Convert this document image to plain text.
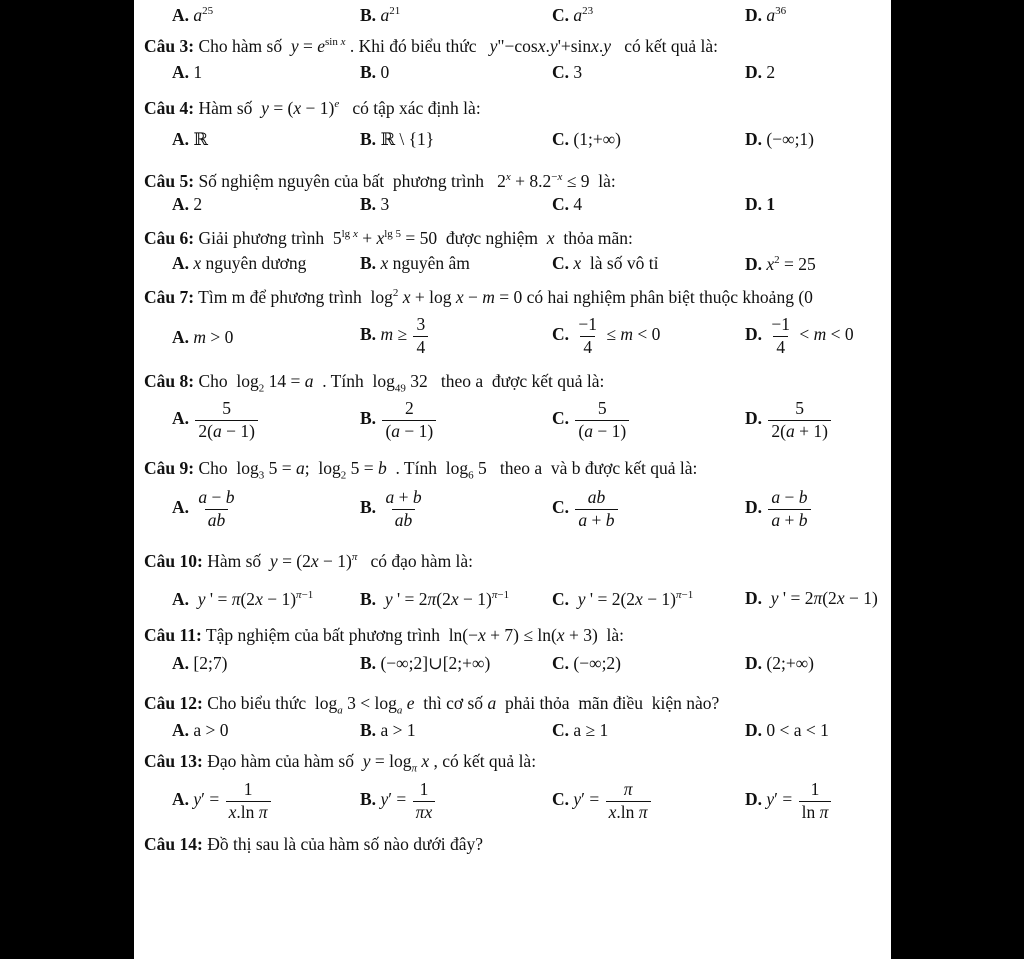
A. $a^{25}$	B. $a^{21}$	C. $a^{23}$	D. $a^{36}$
Câu 3: Cho hàm số  $y = e^{sin x}$ . Khi đó biểu thức   y"−cosx.y'+sinx.y   có kết quả là:
A. 1	B. 0	C. 3	D. 2
Câu 4: Hàm số  $y = (x - 1)^e$   có tập xác định là:
A. ℝ	B. ℝ \ {1}	C. (1;+∞)	D. (−∞;1)
Câu 5: Số nghiệm nguyên của bất  phương trình   $2^x + 8.2^{-x} \le 9$  là:
A. 2	B. 3	C. 4	D. 1
Câu 6: Giải phương trình  $5^{lg x} + x^{lg 5} = 50$  được nghiệm  x  thỏa mãn:
A. x nguyên dương	B. x nguyên âm	C. x  là số vô tỉ	D. $x^2 = 25$
Câu 7: Tìm m để phương trình  $\log^2 x + \log x - m = 0$ có hai nghiệm phân biệt thuộc khoảng (0
A. m > 0	B. $m \ge \frac{3}{4}$	C. $\frac{-1}{4} \le m < 0$	D. $\frac{-1}{4} < m < 0$
Câu 8: Cho  $\log_2 14 = a$  . Tính  $\log_{49} 32$   theo a  được kết quả là:
A. $\frac{5}{2(a - 1)}$	B. $\frac{2}{(a - 1)}$	C. $\frac{5}{(a - 1)}$	D. $\frac{5}{2(a + 1)}$
Câu 9: Cho  $\log_3 5 = a$;  $\log_2 5 = b$  . Tính  $\log_6 5$   theo a  và b được kết quả là:
A. $\frac{a - b}{ab}$	B. $\frac{a + b}{ab}$	C. $\frac{ab}{a + b}$	D. $\frac{a - b}{a + b}$
Câu 10: Hàm số  $y = (2x - 1)^\pi$   có đạo hàm là:
A. y ' = $\pi(2x - 1)^{\pi-1}$	B. y ' = $2\pi(2x - 1)^{\pi-1}$ C. y ' = $2(2x - 1)^{\pi-1}$	D. y ' = 2π(2x − 1)
Câu 11: Tập nghiệm của bất phương trình  ln(−x + 7) ≤ ln(x + 3)  là:
A. [2;7)	B. (−∞;2]∪[2;+∞)	C. (−∞;2)	D. (2;+∞)
Câu 12: Cho biểu thức  $\log_a 3 < \log_a e$  thì cơ số a  phải thỏa  mãn điều  kiện nào?
A. a > 0	B. a > 1	C. a ≥ 1	D. 0 < a < 1
Câu 13: Đạo hàm của hàm số  $y = \log_\pi x$ , có kết quả là:
A. $y' = \frac{1}{\text{x.ln π}}$	B. $y' = \frac{1}{\pi x}$	C. $y' = \frac{\pi}{\text{x.ln π}}$	D. $y' = \frac{1}{\text{ln π}}$
Câu 14: Đồ thị sau là của hàm số nào dưới đây?
